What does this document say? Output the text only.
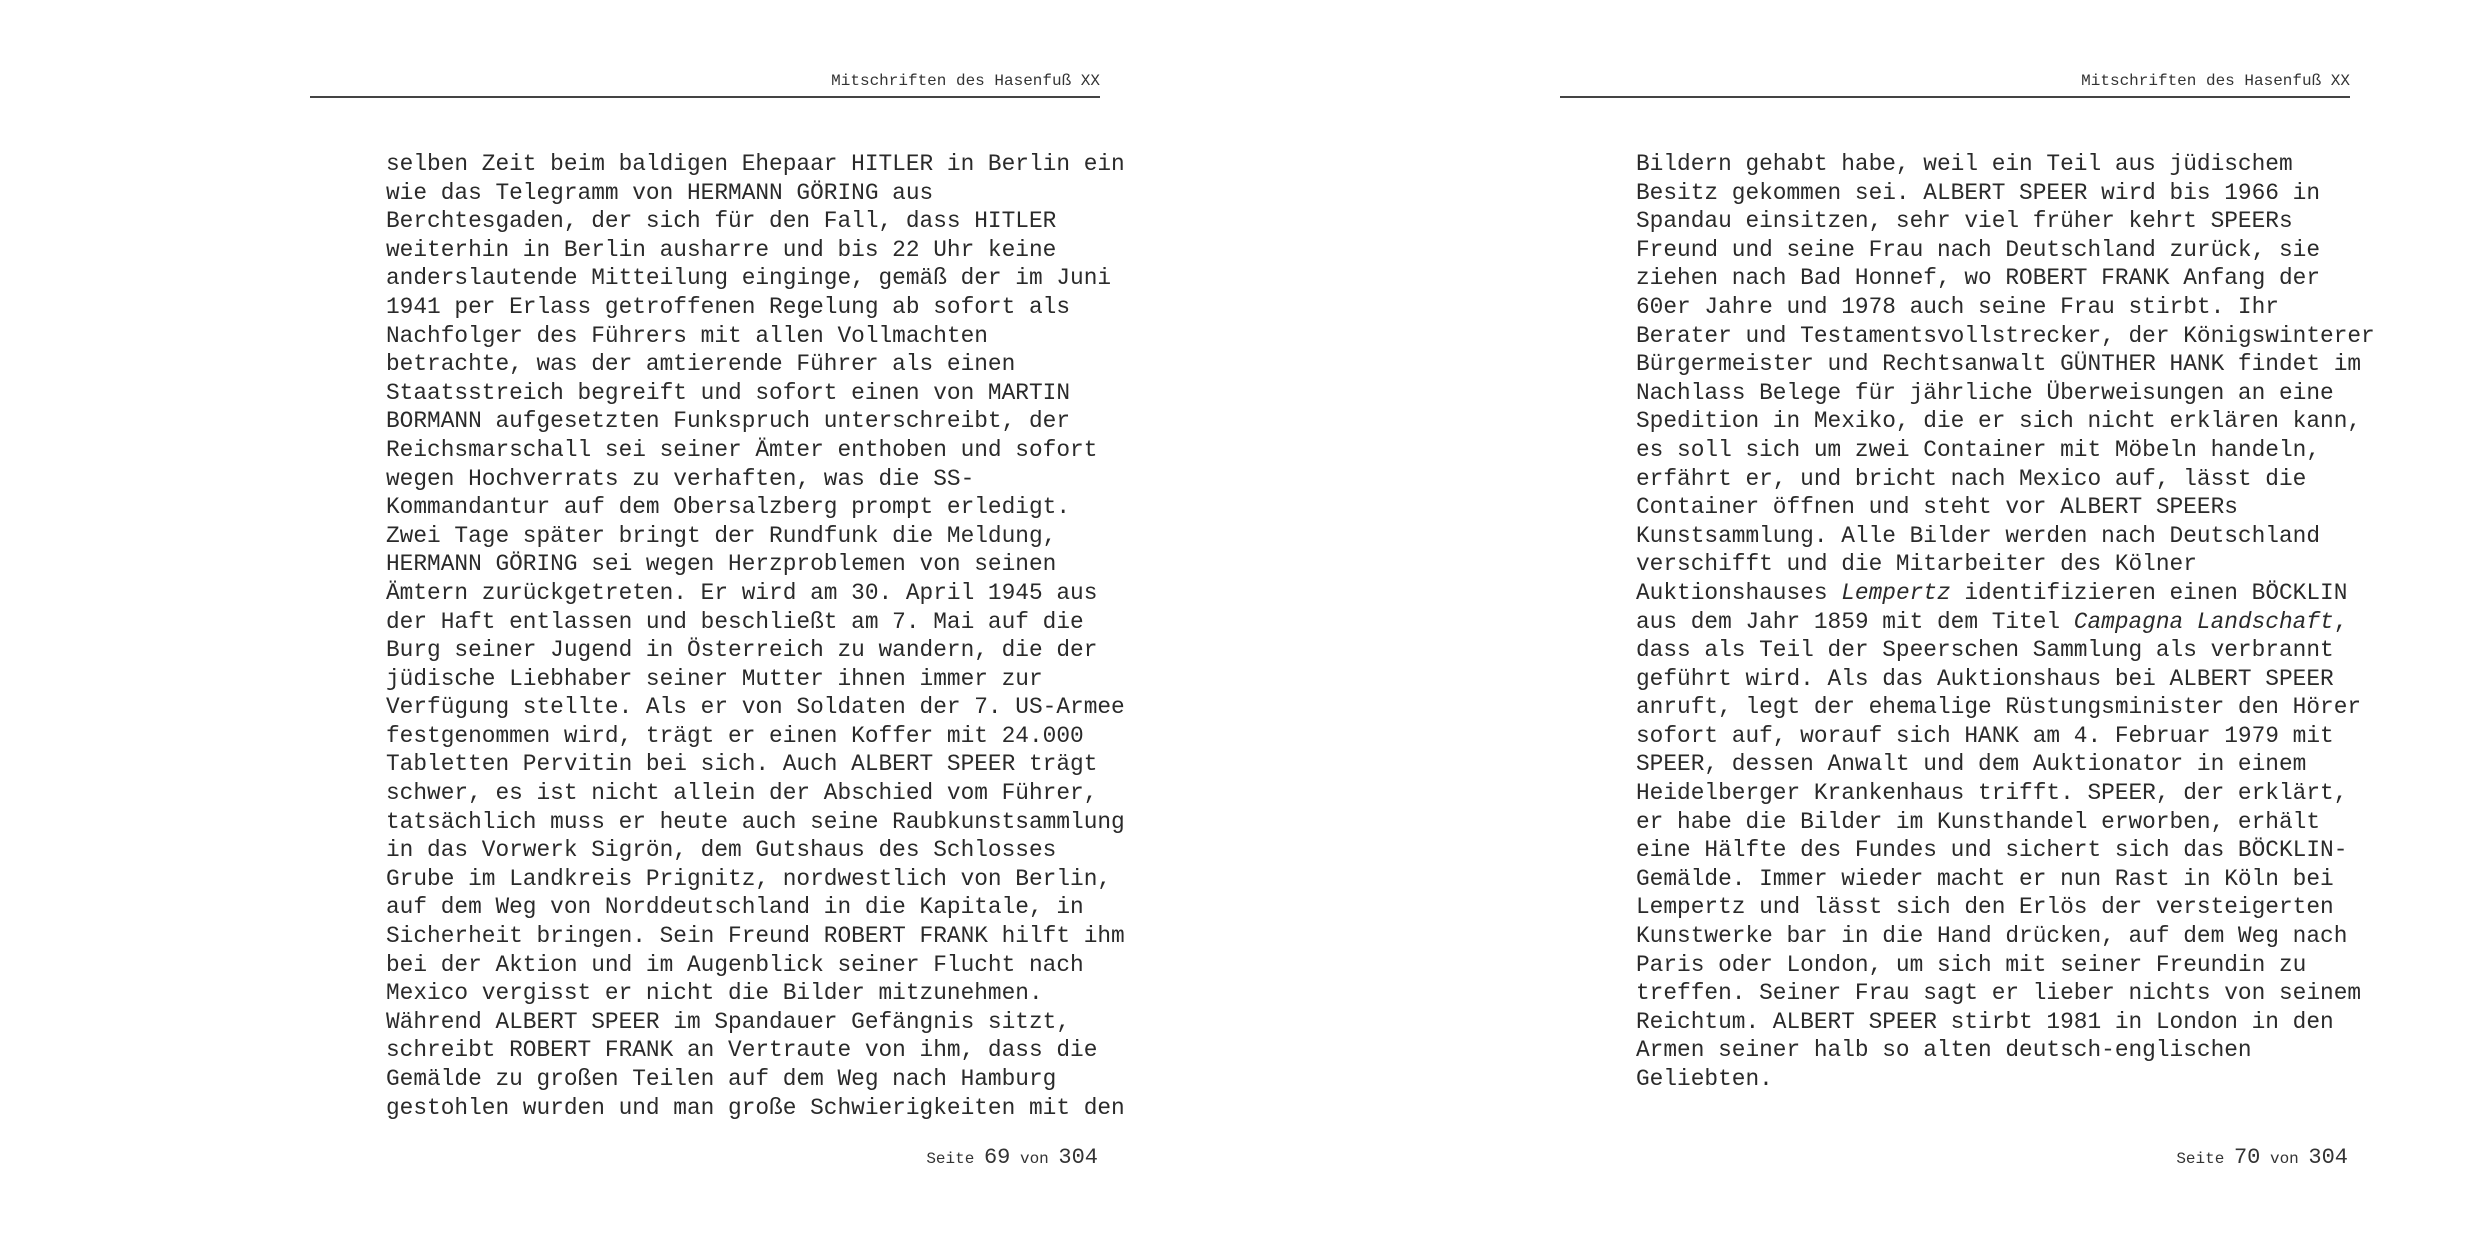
Mitschriften des Hasenfuß XX
selben Zeit beim baldigen Ehepaar HITLER in Berlin ein
wie das Telegramm von HERMANN GÖRING aus
Berchtesgaden, der sich für den Fall, dass HITLER
weiterhin in Berlin ausharre und bis 22 Uhr keine
anderslautende Mitteilung einginge, gemäß der im Juni
1941 per Erlass getroffenen Regelung ab sofort als
Nachfolger des Führers mit allen Vollmachten
betrachte, was der amtierende Führer als einen
Staatsstreich begreift und sofort einen von MARTIN
BORMANN aufgesetzten Funkspruch unterschreibt, der
Reichsmarschall sei seiner Ämter enthoben und sofort
wegen Hochverrats zu verhaften, was die SS-
Kommandantur auf dem Obersalzberg prompt erledigt.
Zwei Tage später bringt der Rundfunk die Meldung,
HERMANN GÖRING sei wegen Herzproblemen von seinen
Ämtern zurückgetreten. Er wird am 30. April 1945 aus
der Haft entlassen und beschließt am 7. Mai auf die
Burg seiner Jugend in Österreich zu wandern, die der
jüdische Liebhaber seiner Mutter ihnen immer zur
Verfügung stellte. Als er von Soldaten der 7. US-Armee
festgenommen wird, trägt er einen Koffer mit 24.000
Tabletten Pervitin bei sich. Auch ALBERT SPEER trägt
schwer, es ist nicht allein der Abschied vom Führer,
tatsächlich muss er heute auch seine Raubkunstsammlung
in das Vorwerk Sigrön, dem Gutshaus des Schlosses
Grube im Landkreis Prignitz, nordwestlich von Berlin,
auf dem Weg von Norddeutschland in die Kapitale, in
Sicherheit bringen. Sein Freund ROBERT FRANK hilft ihm
bei der Aktion und im Augenblick seiner Flucht nach
Mexico vergisst er nicht die Bilder mitzunehmen.
Während ALBERT SPEER im Spandauer Gefängnis sitzt,
schreibt ROBERT FRANK an Vertraute von ihm, dass die
Gemälde zu großen Teilen auf dem Weg nach Hamburg
gestohlen wurden und man große Schwierigkeiten mit den
Seite 69 von 304
Mitschriften des Hasenfuß XX
Bildern gehabt habe, weil ein Teil aus jüdischem
Besitz gekommen sei. ALBERT SPEER wird bis 1966 in
Spandau einsitzen, sehr viel früher kehrt SPEERs
Freund und seine Frau nach Deutschland zurück, sie
ziehen nach Bad Honnef, wo ROBERT FRANK Anfang der
60er Jahre und 1978 auch seine Frau stirbt. Ihr
Berater und Testamentsvollstrecker, der Königswinterer
Bürgermeister und Rechtsanwalt GÜNTHER HANK findet im
Nachlass Belege für jährliche Überweisungen an eine
Spedition in Mexiko, die er sich nicht erklären kann,
es soll sich um zwei Container mit Möbeln handeln,
erfährt er, und bricht nach Mexico auf, lässt die
Container öffnen und steht vor ALBERT SPEERs
Kunstsammlung. Alle Bilder werden nach Deutschland
verschifft und die Mitarbeiter des Kölner
Auktionshauses Lempertz identifizieren einen BÖCKLIN
aus dem Jahr 1859 mit dem Titel Campagna Landschaft,
dass als Teil der Speerschen Sammlung als verbrannt
geführt wird. Als das Auktionshaus bei ALBERT SPEER
anruft, legt der ehemalige Rüstungsminister den Hörer
sofort auf, worauf sich HANK am 4. Februar 1979 mit
SPEER, dessen Anwalt und dem Auktionator in einem
Heidelberger Krankenhaus trifft. SPEER, der erklärt,
er habe die Bilder im Kunsthandel erworben, erhält
eine Hälfte des Fundes und sichert sich das BÖCKLIN-
Gemälde. Immer wieder macht er nun Rast in Köln bei
Lempertz und lässt sich den Erlös der versteigerten
Kunstwerke bar in die Hand drücken, auf dem Weg nach
Paris oder London, um sich mit seiner Freundin zu
treffen. Seiner Frau sagt er lieber nichts von seinem
Reichtum. ALBERT SPEER stirbt 1981 in London in den
Armen seiner halb so alten deutsch-englischen
Geliebten.
Seite 70 von 304
